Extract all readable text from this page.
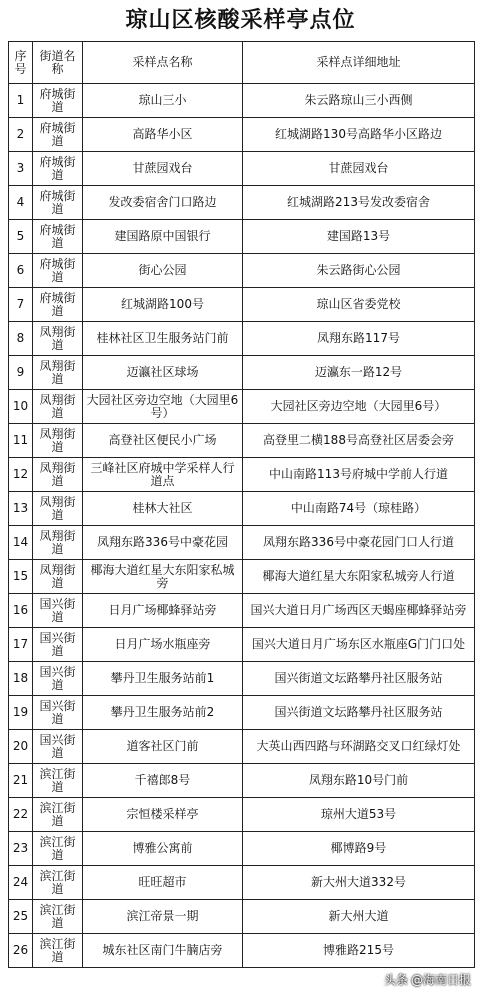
琼山区核酸采样亭点位
序号	街道名称	采样点名称	采样点详细地址
1	府城街道	琼山三小	朱云路琼山三小西侧
2	府城街道	高路华小区	红城湖路130号高路华小区路边
3	府城街道	甘蔗园戏台	甘蔗园戏台
4	府城街道	发改委宿舍门口路边	红城湖路213号发改委宿舍
5	府城街道	建国路原中国银行	建国路13号
6	府城街道	街心公园	朱云路街心公园
7	府城街道	红城湖路100号	琼山区省委党校
8	凤翔街道	桂林社区卫生服务站门前	凤翔东路117号
9	凤翔街道	迈瀛社区球场	迈瀛东一路12号
10	凤翔街道	大园社区旁边空地（大园里6号）	大园社区旁边空地（大园里6号）
11	凤翔街道	高登社区便民小广场	高登里二横188号高登社区居委会旁
12	凤翔街道	三峰社区府城中学采样人行道点	中山南路113号府城中学前人行道
13	凤翔街道	桂林大社区	中山南路74号（琼桂路）
14	凤翔街道	凤翔东路336号中豪花园	凤翔东路336号中豪花园门口人行道
15	凤翔街道	椰海大道红星大东阳家私城旁	椰海大道红星大东阳家私城旁人行道
16	国兴街道	日月广场椰蜂驿站旁	国兴大道日月广场西区天蝎座椰蜂驿站旁
17	国兴街道	日月广场水瓶座旁	国兴大道日月广场东区水瓶座G门门口处
18	国兴街道	攀丹卫生服务站前1	国兴街道文坛路攀丹社区服务站
19	国兴街道	攀丹卫生服务站前2	国兴街道文坛路攀丹社区服务站
20	国兴街道	道客社区门前	大英山西四路与环湖路交叉口红绿灯处
21	滨江街道	千禧郎8号	凤翔东路10号门前
22	滨江街道	宗恒楼采样亭	琼州大道53号
23	滨江街道	博雅公寓前	椰博路9号
24	滨江街道	旺旺超市	新大州大道332号
25	滨江街道	滨江帝景一期	新大州大道
26	滨江街道	城东社区南门牛腩店旁	博雅路215号
头条 @海南日报
